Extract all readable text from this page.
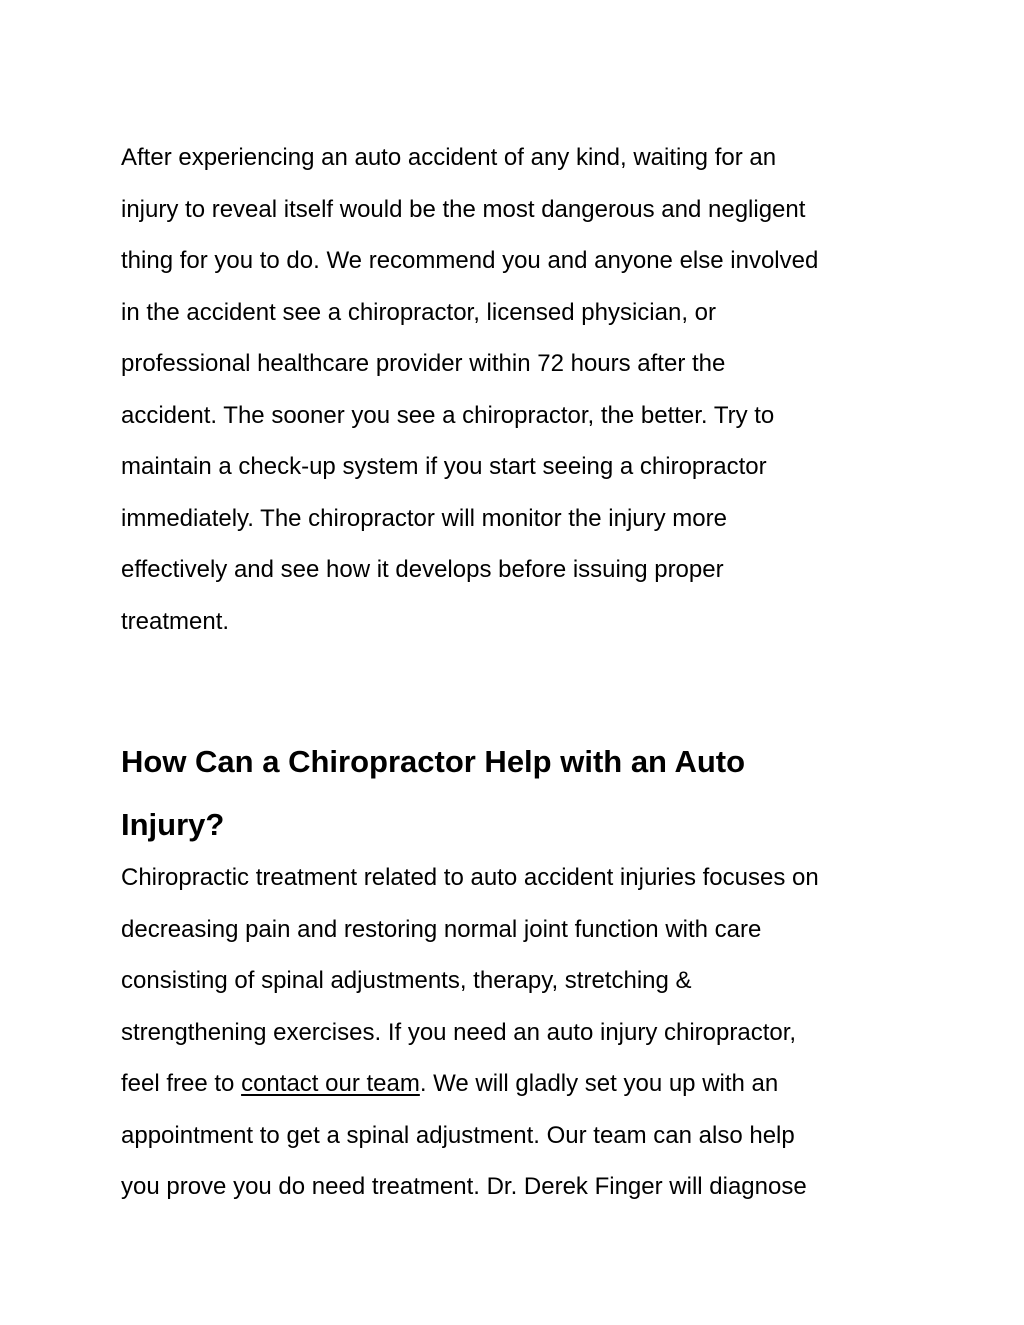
After experiencing an auto accident of any kind, waiting for an
injury to reveal itself would be the most dangerous and negligent
thing for you to do. We recommend you and anyone else involved
in the accident see a chiropractor, licensed physician, or
professional healthcare provider within 72 hours after the
accident. The sooner you see a chiropractor, the better. Try to
maintain a check-up system if you start seeing a chiropractor
immediately. The chiropractor will monitor the injury more
effectively and see how it develops before issuing proper
treatment.
How Can a Chiropractor Help with an Auto
Injury?
Chiropractic treatment related to auto accident injuries focuses on
decreasing pain and restoring normal joint function with care
consisting of spinal adjustments, therapy, stretching &
strengthening exercises. If you need an auto injury chiropractor,
feel free to contact our team. We will gladly set you up with an
appointment to get a spinal adjustment. Our team can also help
you prove you do need treatment. Dr. Derek Finger will diagnose
